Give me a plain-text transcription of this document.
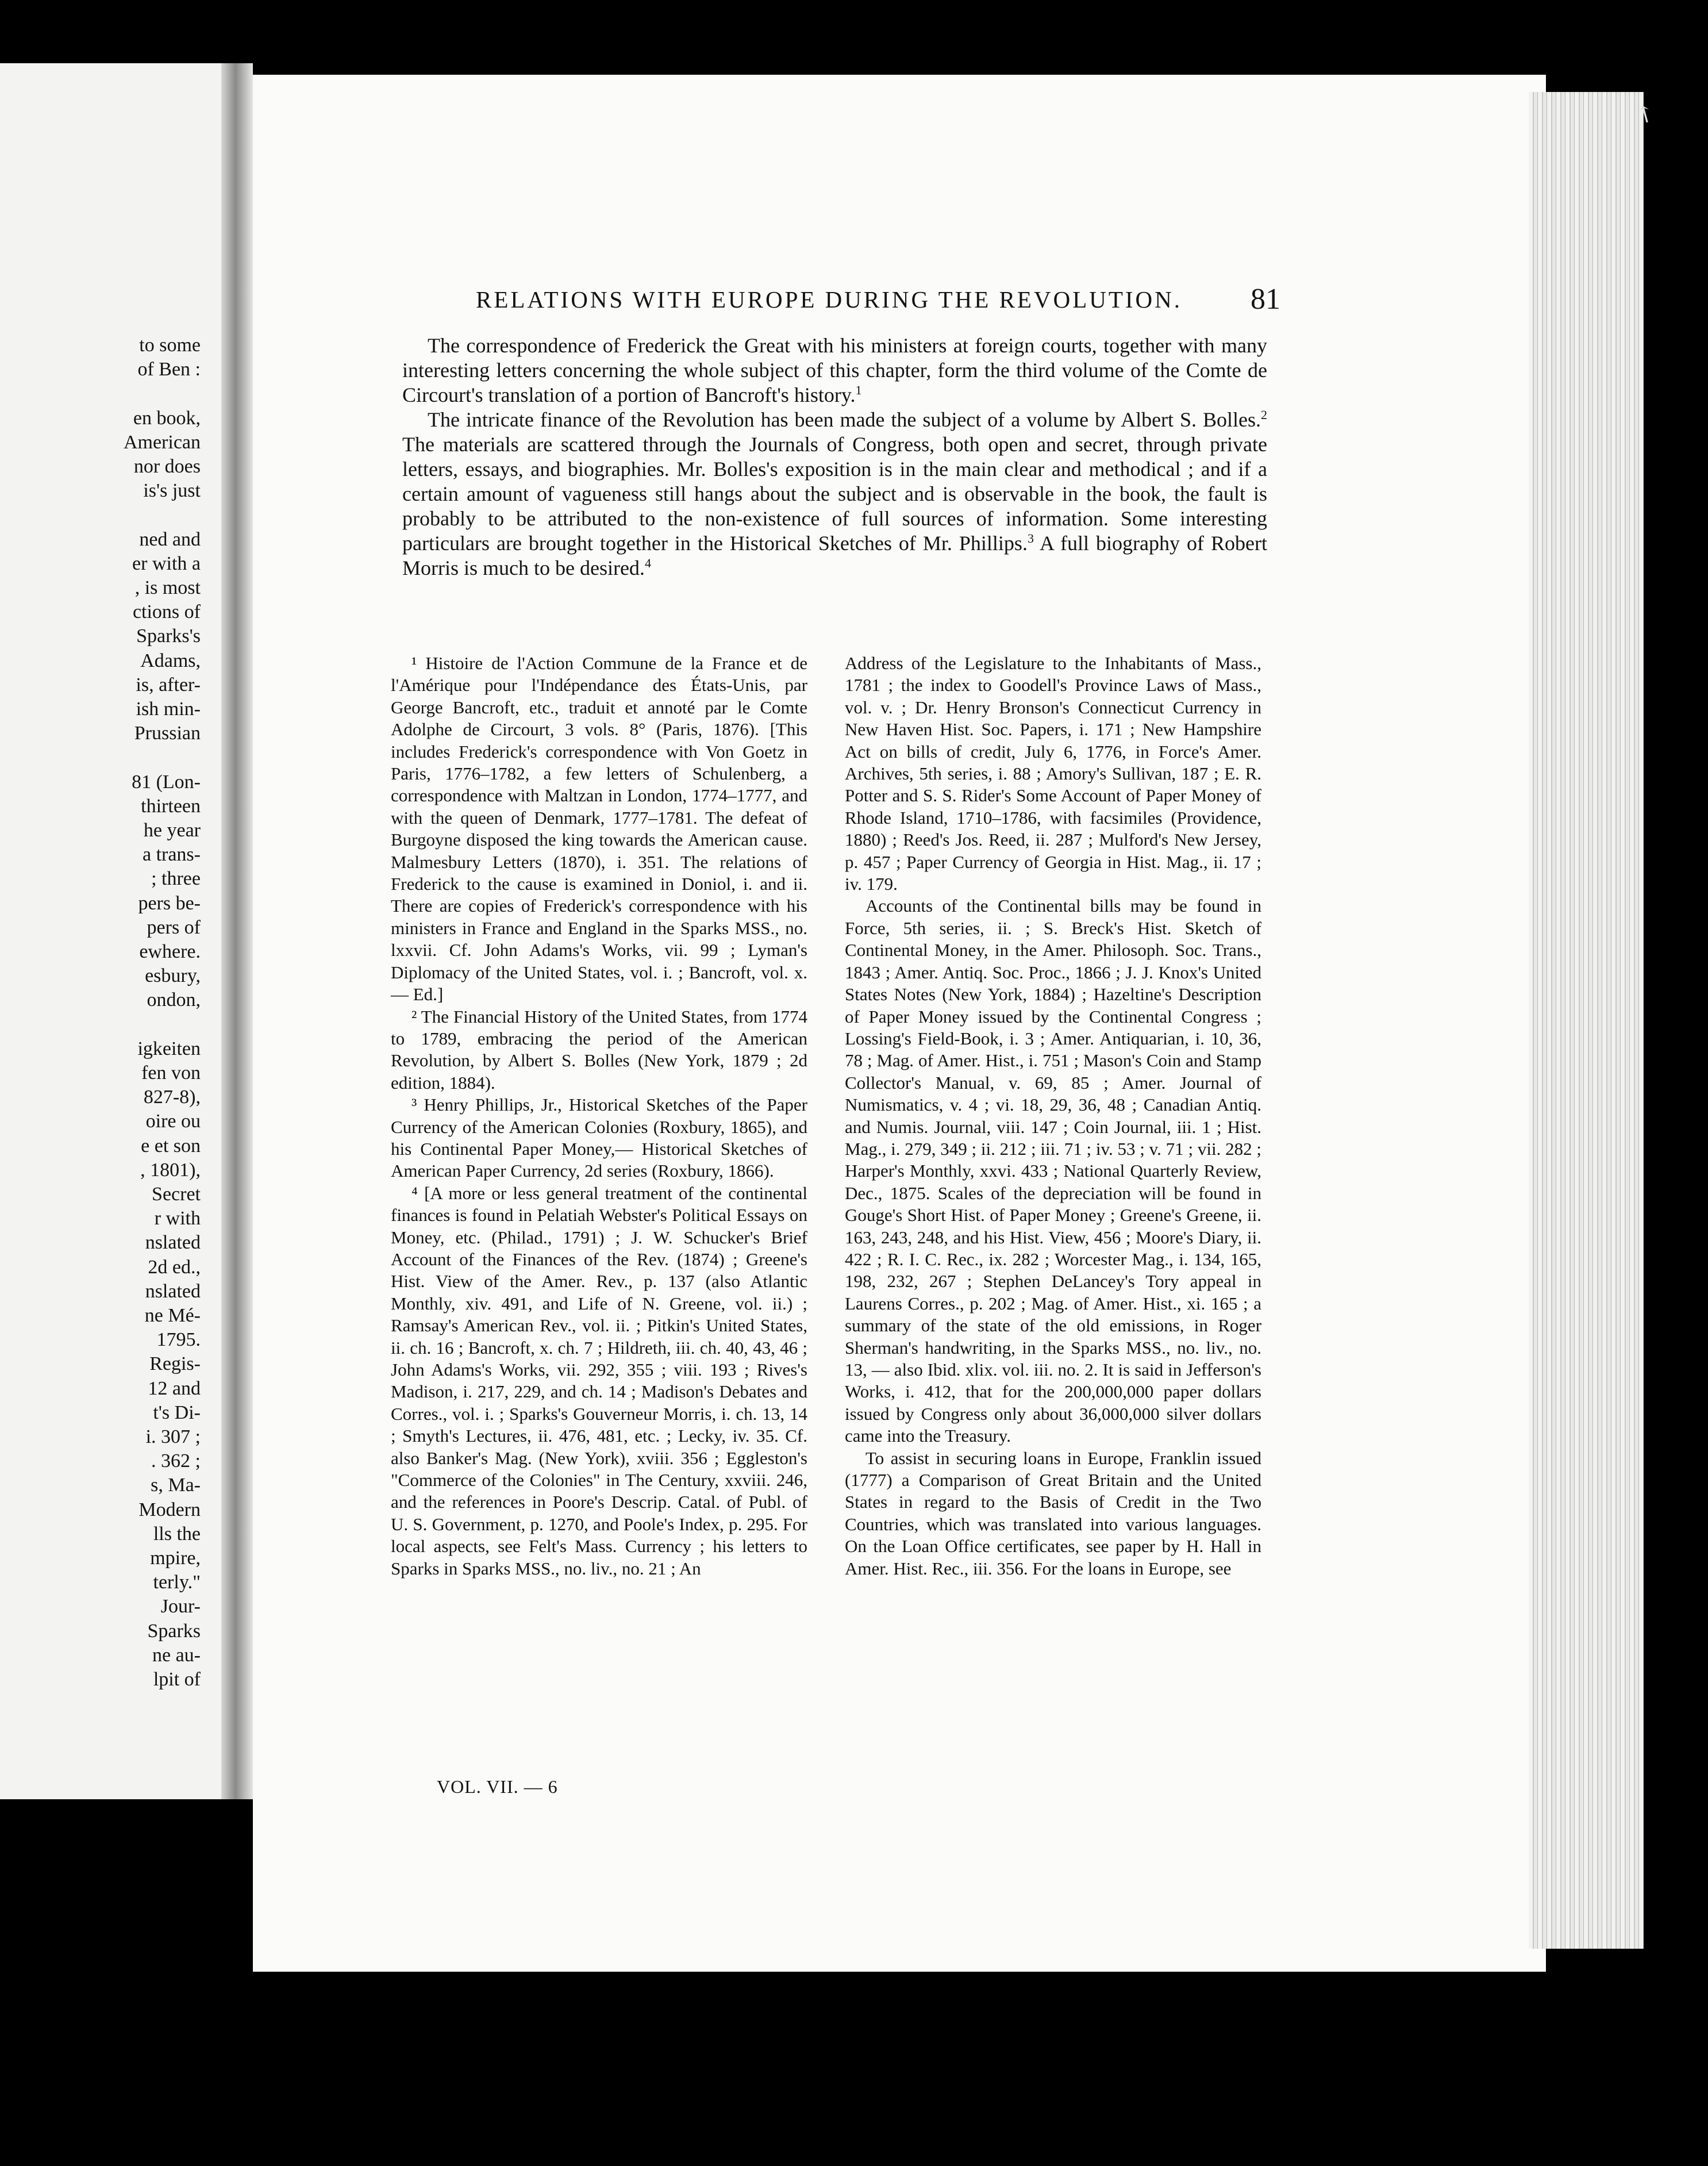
to some
of Ben :
en book,
American
nor does
is's just
ned and
er with a
, is most
ctions of
Sparks's
Adams,
is, after-
ish min-
Prussian
81 (Lon-
thirteen
he year
a trans-
; three
pers be-
pers of
ewhere.
esbury,
ondon,
igkeiten
fen von
827-8),
oire ou
e et son
, 1801),
Secret
r with
nslated
2d ed.,
nslated
ne Mé-
1795.
Regis-
12 and
t's Di-
i. 307 ;
. 362 ;
s, Ma-
Modern
lls the
mpire,
terly."
Jour-
Sparks
ne au-
lpit of
↖
RELATIONS WITH EUROPE DURING THE REVOLUTION. 81

The correspondence of Frederick the Great with his ministers at foreign courts, together with many interesting letters concerning the whole subject of this chapter, form the third volume of the Comte de Circourt's translation of a portion of Bancroft's history.$^1$

The intricate finance of the Revolution has been made the subject of a volume by Albert S. Bolles.$^2$ The materials are scattered through the Journals of Congress, both open and secret, through private letters, essays, and biographies. Mr. Bolles's exposition is in the main clear and methodical ; and if a certain amount of vagueness still hangs about the subject and is observable in the book, the fault is probably to be attributed to the non-existence of full sources of information. Some interesting particulars are brought together in the Historical Sketches of Mr. Phillips.$^3$ A full biography of Robert Morris is much to be desired.$^4$

¹ Histoire de l'Action Commune de la France et de l'Amérique pour l'Indépendance des États-Unis, par George Bancroft, etc., traduit et annoté par le Comte Adolphe de Circourt, 3 vols. 8° (Paris, 1876). [This includes Frederick's correspondence with Von Goetz in Paris, 1776–1782, a few letters of Schulenberg, a correspondence with Maltzan in London, 1774–1777, and with the queen of Denmark, 1777–1781. The defeat of Burgoyne disposed the king towards the American cause. Malmesbury Letters (1870), i. 351. The relations of Frederick to the cause is examined in Doniol, i. and ii. There are copies of Frederick's correspondence with his ministers in France and England in the Sparks MSS., no. lxxvii. Cf. John Adams's Works, vii. 99 ; Lyman's Diplomacy of the United States, vol. i. ; Bancroft, vol. x. — Ed.]

² The Financial History of the United States, from 1774 to 1789, embracing the period of the American Revolution, by Albert S. Bolles (New York, 1879 ; 2d edition, 1884).

³ Henry Phillips, Jr., Historical Sketches of the Paper Currency of the American Colonies (Roxbury, 1865), and his Continental Paper Money,— Historical Sketches of American Paper Currency, 2d series (Roxbury, 1866).

⁴ [A more or less general treatment of the continental finances is found in Pelatiah Webster's Political Essays on Money, etc. (Philad., 1791) ; J. W. Schucker's Brief Account of the Finances of the Rev. (1874) ; Greene's Hist. View of the Amer. Rev., p. 137 (also Atlantic Monthly, xiv. 491, and Life of N. Greene, vol. ii.) ; Ramsay's American Rev., vol. ii. ; Pitkin's United States, ii. ch. 16 ; Bancroft, x. ch. 7 ; Hildreth, iii. ch. 40, 43, 46 ; John Adams's Works, vii. 292, 355 ; viii. 193 ; Rives's Madison, i. 217, 229, and ch. 14 ; Madison's Debates and Corres., vol. i. ; Sparks's Gouverneur Morris, i. ch. 13, 14 ; Smyth's Lectures, ii. 476, 481, etc. ; Lecky, iv. 35. Cf. also Banker's Mag. (New York), xviii. 356 ; Eggleston's "Commerce of the Colonies" in The Century, xxviii. 246, and the references in Poore's Descrip. Catal. of Publ. of U. S. Government, p. 1270, and Poole's Index, p. 295. For local aspects, see Felt's Mass. Currency ; his letters to Sparks in Sparks MSS., no. liv., no. 21 ; An

Address of the Legislature to the Inhabitants of Mass., 1781 ; the index to Goodell's Province Laws of Mass., vol. v. ; Dr. Henry Bronson's Connecticut Currency in New Haven Hist. Soc. Papers, i. 171 ; New Hampshire Act on bills of credit, July 6, 1776, in Force's Amer. Archives, 5th series, i. 88 ; Amory's Sullivan, 187 ; E. R. Potter and S. S. Rider's Some Account of Paper Money of Rhode Island, 1710–1786, with facsimiles (Providence, 1880) ; Reed's Jos. Reed, ii. 287 ; Mulford's New Jersey, p. 457 ; Paper Currency of Georgia in Hist. Mag., ii. 17 ; iv. 179.

Accounts of the Continental bills may be found in Force, 5th series, ii. ; S. Breck's Hist. Sketch of Continental Money, in the Amer. Philosoph. Soc. Trans., 1843 ; Amer. Antiq. Soc. Proc., 1866 ; J. J. Knox's United States Notes (New York, 1884) ; Hazeltine's Description of Paper Money issued by the Continental Congress ; Lossing's Field-Book, i. 3 ; Amer. Antiquarian, i. 10, 36, 78 ; Mag. of Amer. Hist., i. 751 ; Mason's Coin and Stamp Collector's Manual, v. 69, 85 ; Amer. Journal of Numismatics, v. 4 ; vi. 18, 29, 36, 48 ; Canadian Antiq. and Numis. Journal, viii. 147 ; Coin Journal, iii. 1 ; Hist. Mag., i. 279, 349 ; ii. 212 ; iii. 71 ; iv. 53 ; v. 71 ; vii. 282 ; Harper's Monthly, xxvi. 433 ; National Quarterly Review, Dec., 1875. Scales of the depreciation will be found in Gouge's Short Hist. of Paper Money ; Greene's Greene, ii. 163, 243, 248, and his Hist. View, 456 ; Moore's Diary, ii. 422 ; R. I. C. Rec., ix. 282 ; Worcester Mag., i. 134, 165, 198, 232, 267 ; Stephen DeLancey's Tory appeal in Laurens Corres., p. 202 ; Mag. of Amer. Hist., xi. 165 ; a summary of the state of the old emissions, in Roger Sherman's handwriting, in the Sparks MSS., no. liv., no. 13, — also Ibid. xlix. vol. iii. no. 2. It is said in Jefferson's Works, i. 412, that for the 200,000,000 paper dollars issued by Congress only about 36,000,000 silver dollars came into the Treasury.

To assist in securing loans in Europe, Franklin issued (1777) a Comparison of Great Britain and the United States in regard to the Basis of Credit in the Two Countries, which was translated into various languages. On the Loan Office certificates, see paper by H. Hall in Amer. Hist. Rec., iii. 356. For the loans in Europe, see

VOL. VII. — 6
